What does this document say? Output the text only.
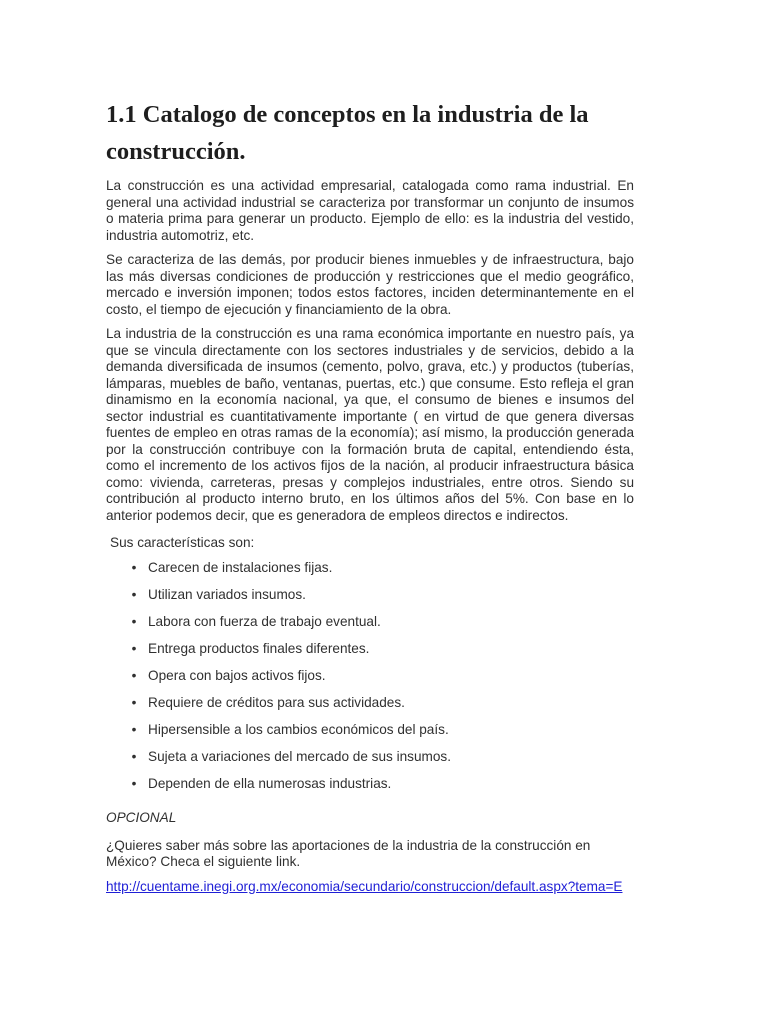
1.1 Catalogo de conceptos en la industria de la construcción.

La construcción es una actividad empresarial, catalogada como rama industrial. En general una actividad industrial se caracteriza por transformar un conjunto de insumos o materia prima para generar un producto. Ejemplo de ello: es la industria del vestido, industria automotriz, etc.

Se caracteriza de las demás, por producir bienes inmuebles y de infraestructura, bajo las más diversas condiciones de producción y restricciones que el medio geográfico, mercado e inversión imponen; todos estos factores, inciden determinantemente en el costo, el tiempo de ejecución y financiamiento de la obra.

La industria de la construcción es una rama económica importante en nuestro país, ya que se vincula directamente con los sectores industriales y de servicios, debido a la demanda diversificada de insumos (cemento, polvo, grava, etc.) y productos (tuberías, lámparas, muebles de baño, ventanas, puertas, etc.) que consume. Esto refleja el gran dinamismo en la economía nacional, ya que, el consumo de bienes e insumos del sector industrial es cuantitativamente importante ( en virtud de que genera diversas fuentes de empleo en otras ramas de la economía); así mismo, la producción generada por la construcción contribuye con la formación bruta de capital, entendiendo ésta, como el incremento de los activos fijos de la nación, al producir infraestructura básica como: vivienda, carreteras, presas y complejos industriales, entre otros. Siendo su contribución al producto interno bruto, en los últimos años del 5%. Con base en lo anterior podemos decir, que es generadora de empleos directos e indirectos.

Sus características son:

• Carecen de instalaciones fijas.
• Utilizan variados insumos.
• Labora con fuerza de trabajo eventual.
• Entrega productos finales diferentes.
• Opera con bajos activos fijos.
• Requiere de créditos para sus actividades.
• Hipersensible a los cambios económicos del país.
• Sujeta a variaciones del mercado de sus insumos.
• Dependen de ella numerosas industrias.
OPCIONAL

¿Quieres saber más sobre las aportaciones de la industria de la construcción en México? Checa el siguiente link.

http://cuentame.inegi.org.mx/economia/secundario/construccion/default.aspx?tema=E
